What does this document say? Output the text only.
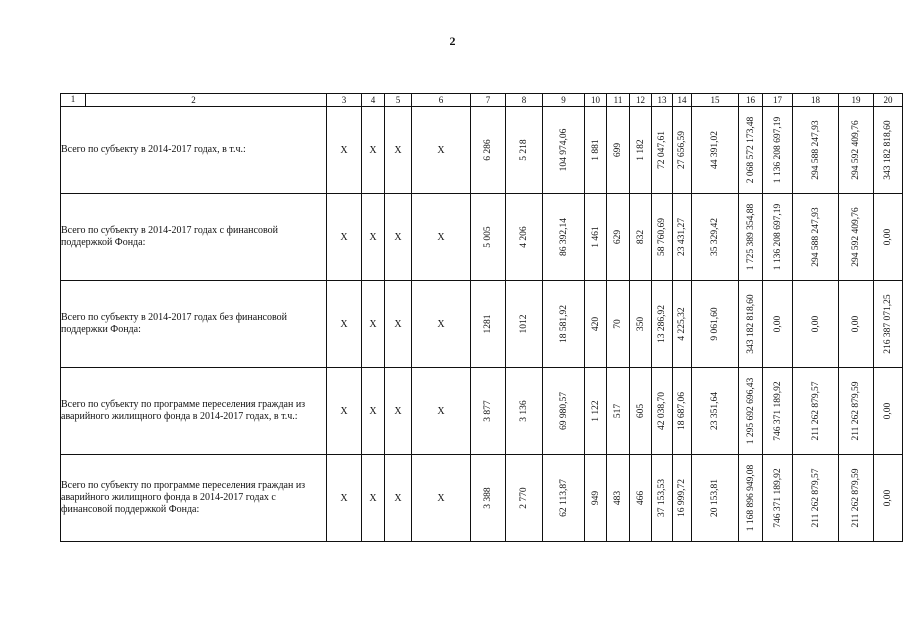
2
1 2	3	4	5	6	7	8	9	10	11	12	13	14	15	16	17	18	19	20
Всего по субъекту в 2014-2017 годах, в т.ч.:	X	X	X	X	6 286	5 218	104 974,06	1 881	699	1 182	72 047,61	27 656,59	44 391,02	2 068 572 173,48	1 136 208 697,19	294 588 247,93	294 592 409,76	343 182 818,60

Всего по субъекту в 2014-2017 годах с финансовой поддержкой Фонда:	X	X	X	X	5 005	4 206	86 392,14	1 461	629	832	58 760,69	23 431,27	35 329,42	1 725 389 354,88	1 136 208 697,19	294 588 247,93	294 592 409,76	0,00

Всего по субъекту в 2014-2017 годах без финансовой поддержки Фонда:	X	X	X	X	1281	1012	18 581,92	420	70	350	13 286,92	4 225,32	9 061,60	343 182 818,60	0,00	0,00	0,00	216 387 071,25

Всего по субъекту по программе переселения граждан из аварийного жилищного фонда в 2014-2017 годах, в т.ч.:	X	X	X	X	3 877	3 136	69 980,57	1 122	517	605	42 038,70	18 687,06	23 351,64	1 295 692 696,43	746 371 189,92	211 262 879,57	211 262 879,59	0,00

Всего по субъекту по программе переселения граждан из аварийного жилищного фонда в 2014-2017 годах с финансовой поддержкой Фонда:	X	X	X	X	3 388	2 770	62 113,87	949	483	466	37 153,53	16 999,72	20 153,81	1 168 896 949,08	746 371 189,92	211 262 879,57	211 262 879,59	0,00
